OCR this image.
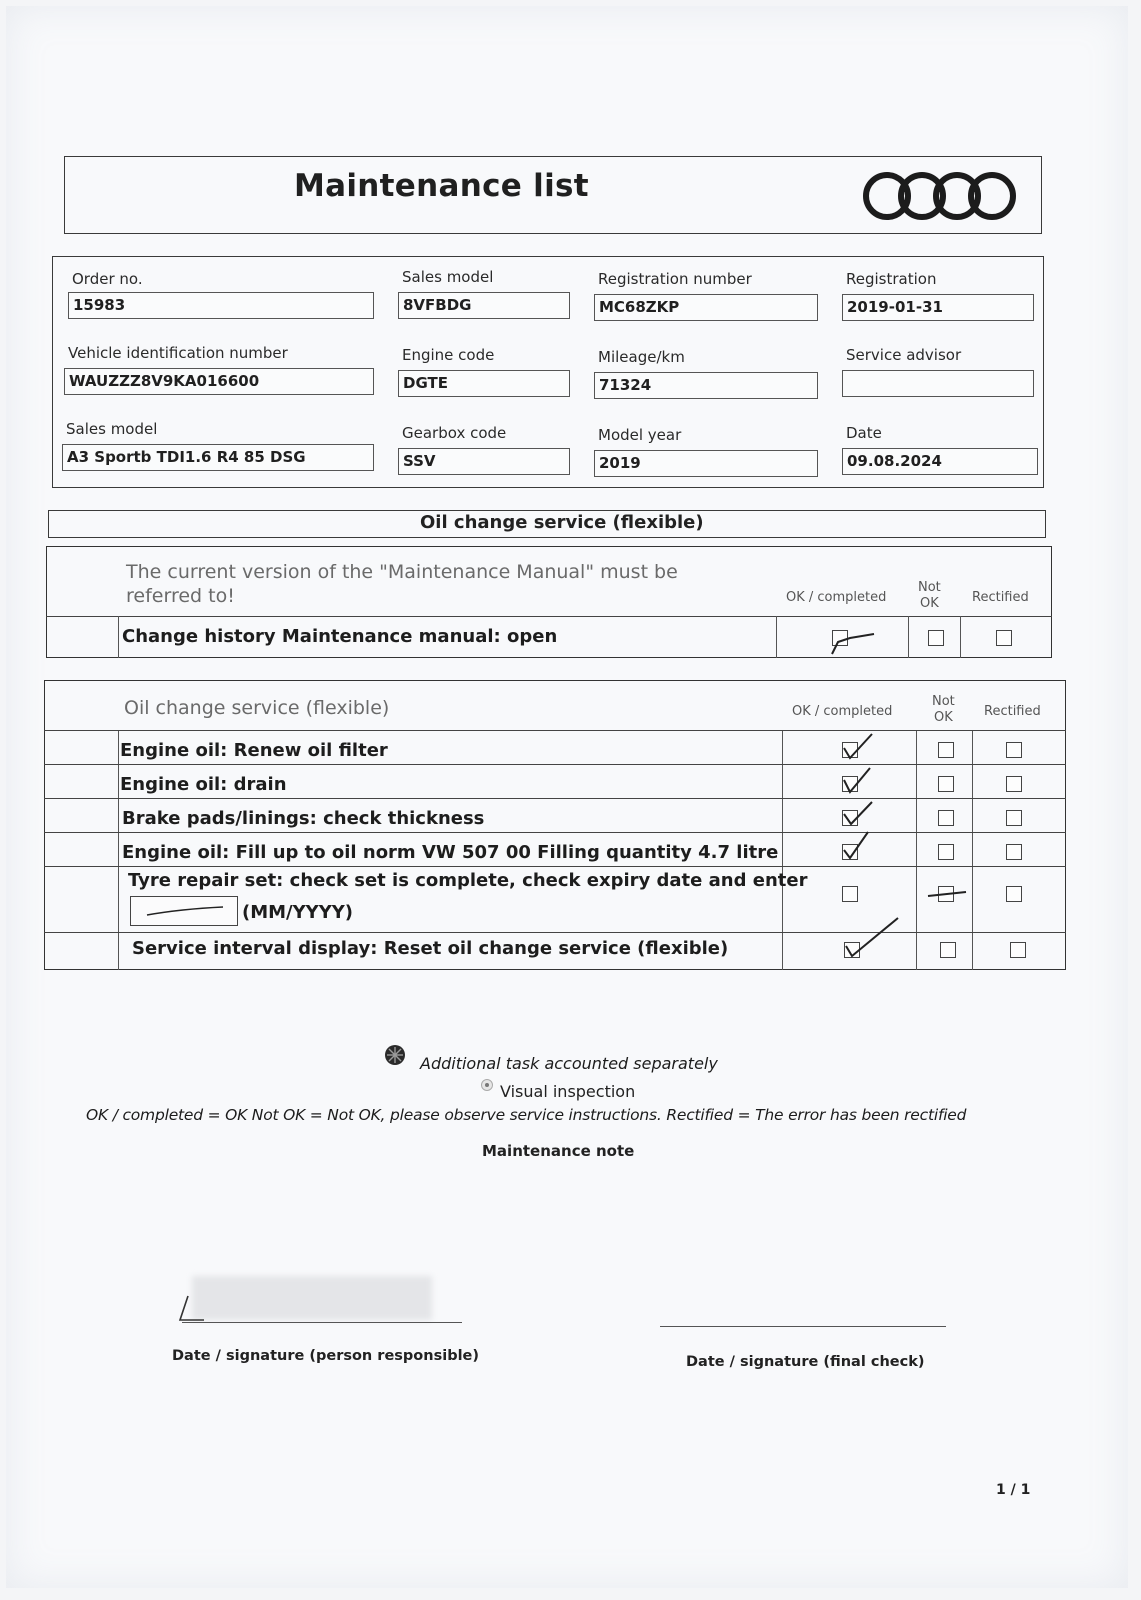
Maintenance list
Order no.
15983
Sales model
8VFBDG
Registration number
MC68ZKP
Registration
2019-01-31
Vehicle identification number
WAUZZZ8V9KA016600
Engine code
DGTE
Mileage/km
71324
Service advisor
Sales model
A3 Sportb TDI1.6 R4 85 DSG
Gearbox code
SSV
Model year
2019
Date
09.08.2024
Oil change service (flexible)
The current version of the "Maintenance Manual" must be
referred to!	OK / completed
Not
OK	Rectified
Change history Maintenance manual: open
Oil change service (flexible)	OK / completed
Not
OK Rectified
Engine oil: Renew oil filter
Engine oil: drain
Brake pads/linings: check thickness
Engine oil: Fill up to oil norm VW 507 00 Filling quantity 4.7 litre
Tyre repair set: check set is complete, check expiry date and enter
(MM/YYYY)
Service interval display: Reset oil change service (flexible)
Additional task accounted separately
Visual inspection
OK / completed = OK Not OK = Not OK, please observe service instructions. Rectified = The error has been rectified
Maintenance note
Date / signature (person responsible)	Date / signature (final check)
1 / 1
